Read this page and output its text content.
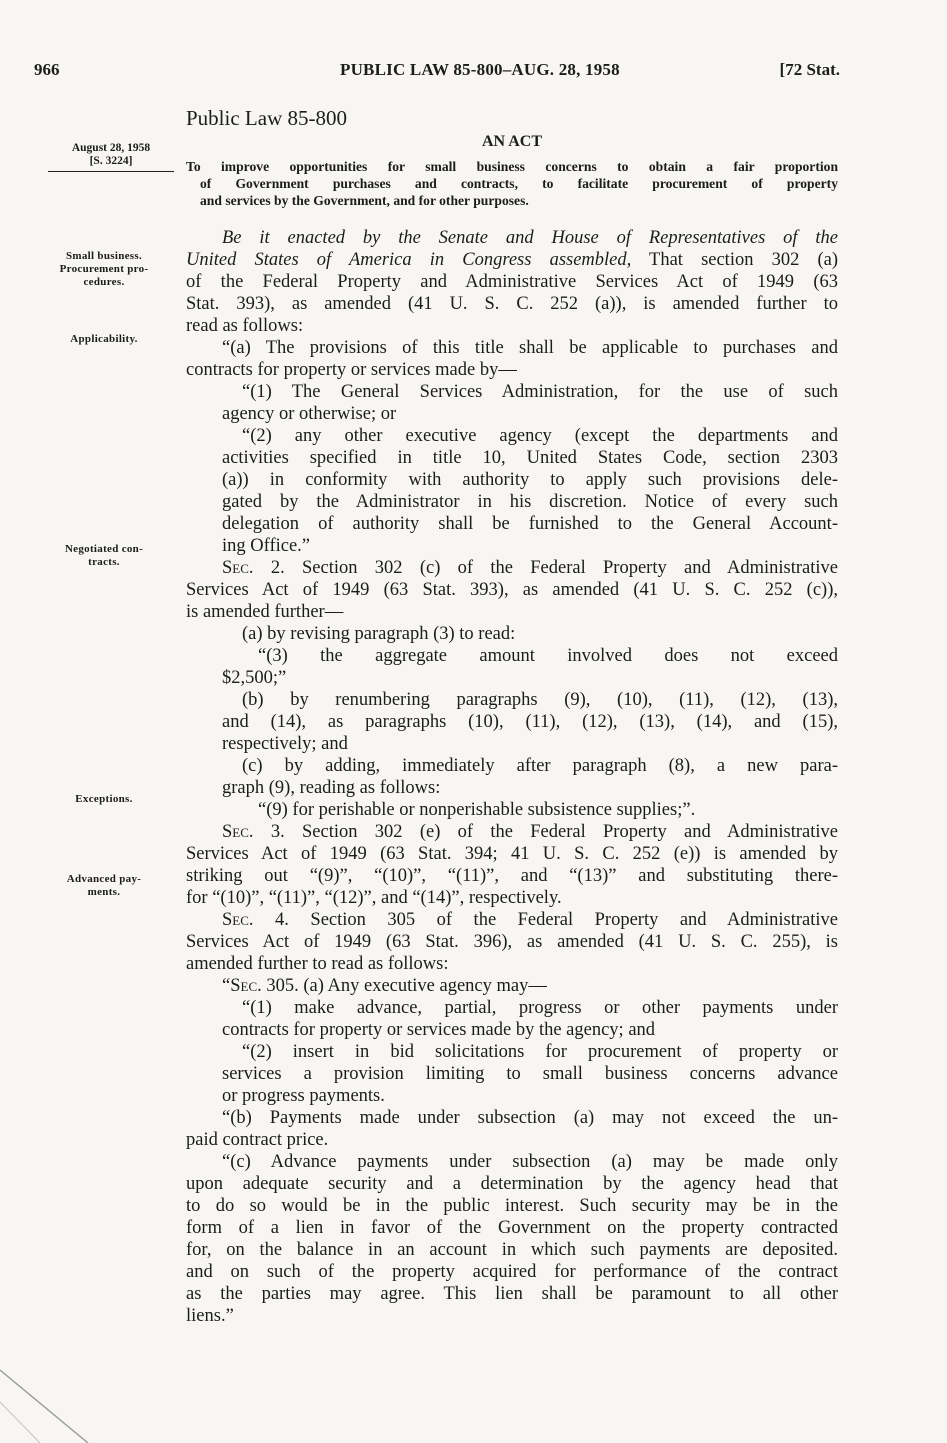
966	PUBLIC LAW 85-800–AUG. 28, 1958	[72 Stat.
Public Law 85-800
August 28, 1958
[S. 3224]
AN ACT
To improve opportunities for small business concerns to obtain a fair proportion
of Government purchases and contracts, to facilitate procurement of property
and services by the Government, and for other purposes.
Small business.
Procurement pro-
cedures.
Applicability.
Negotiated con-
tracts.
Exceptions.
Advanced pay-
ments.
Be it enacted by the Senate and House of Representatives of the
United States of America in Congress assembled, That section 302 (a)
of the Federal Property and Administrative Services Act of 1949 (63
Stat. 393), as amended (41 U. S. C. 252 (a)), is amended further to
read as follows:
“(a) The provisions of this title shall be applicable to purchases and
contracts for property or services made by—
“(1) The General Services Administration, for the use of such
agency or otherwise; or
“(2) any other executive agency (except the departments and
activities specified in title 10, United States Code, section 2303
(a)) in conformity with authority to apply such provisions dele-
gated by the Administrator in his discretion. Notice of every such
delegation of authority shall be furnished to the General Account-
ing Office.”
Sec. 2. Section 302 (c) of the Federal Property and Administrative
Services Act of 1949 (63 Stat. 393), as amended (41 U. S. C. 252 (c)),
is amended further—
(a) by revising paragraph (3) to read:
“(3) the aggregate amount involved does not exceed
$2,500;”
(b) by renumbering paragraphs (9), (10), (11), (12), (13),
and (14), as paragraphs (10), (11), (12), (13), (14), and (15),
respectively; and
(c) by adding, immediately after paragraph (8), a new para-
graph (9), reading as follows:
“(9) for perishable or nonperishable subsistence supplies;”.
Sec. 3. Section 302 (e) of the Federal Property and Administrative
Services Act of 1949 (63 Stat. 394; 41 U. S. C. 252 (e)) is amended by
striking out “(9)”, “(10)”, “(11)”, and “(13)” and substituting there-
for “(10)”, “(11)”, “(12)”, and “(14)”, respectively.
Sec. 4. Section 305 of the Federal Property and Administrative
Services Act of 1949 (63 Stat. 396), as amended (41 U. S. C. 255), is
amended further to read as follows:
“Sec. 305. (a) Any executive agency may—
“(1) make advance, partial, progress or other payments under
contracts for property or services made by the agency; and
“(2) insert in bid solicitations for procurement of property or
services a provision limiting to small business concerns advance
or progress payments.
“(b) Payments made under subsection (a) may not exceed the un-
paid contract price.
“(c) Advance payments under subsection (a) may be made only
upon adequate security and a determination by the agency head that
to do so would be in the public interest. Such security may be in the
form of a lien in favor of the Government on the property contracted
for, on the balance in an account in which such payments are deposited.
and on such of the property acquired for performance of the contract
as the parties may agree. This lien shall be paramount to all other
liens.”
